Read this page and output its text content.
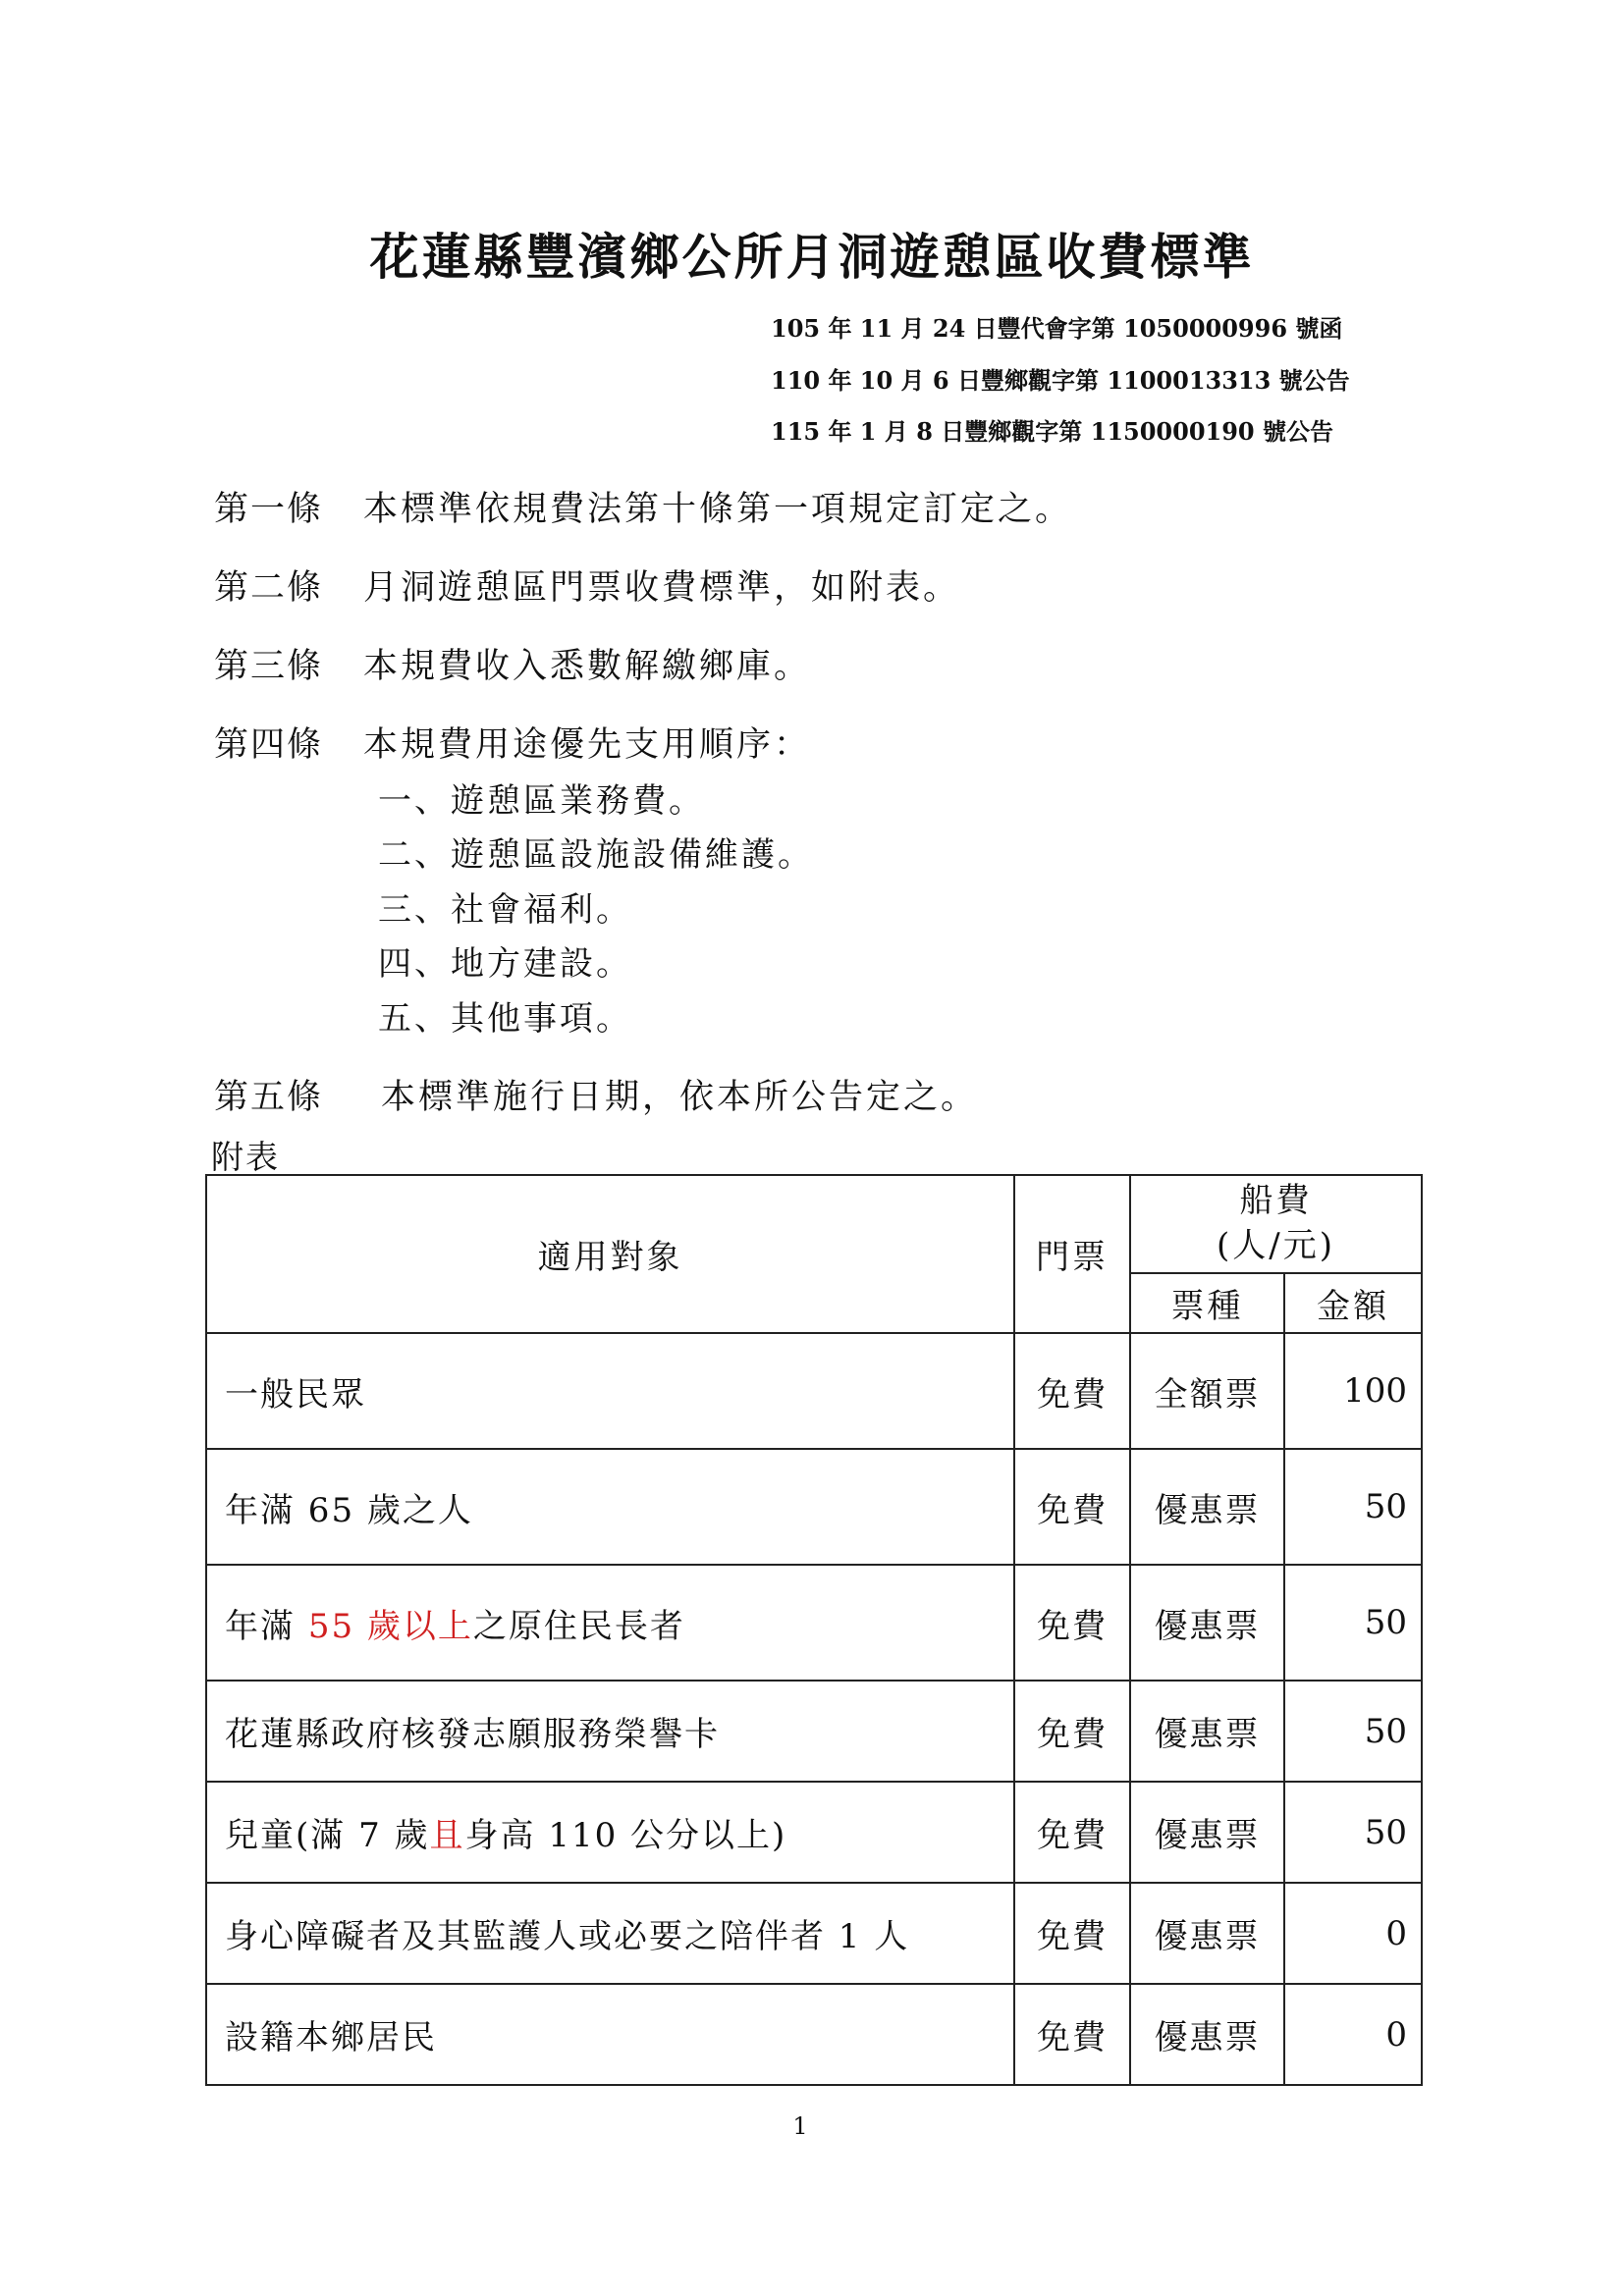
花蓮縣豐濱鄉公所月洞遊憩區收費標準
105 年 11 月 24 日豐代會字第 1050000996 號函
110 年 10 月 6 日豐鄉觀字第 1100013313 號公告
115 年 1 月 8 日豐鄉觀字第 1150000190 號公告
第一條 本標準依規費法第十條第一項規定訂定之。
第二條 月洞遊憩區門票收費標準，如附表。
第三條 本規費收入悉數解繳鄉庫。
第四條 本規費用途優先支用順序：
一、遊憩區業務費。
二、遊憩區設施設備維護。
三、社會福利。
四、地方建設。
五、其他事項。
第五條 本標準施行日期，依本所公告定之。
附表
適用對象	門票	船費
(人/元)	

		票種	金額
一般民眾	免費	全額票	100
年滿 65 歲之人	免費	優惠票	50
年滿 55 歲以上之原住民長者	免費	優惠票	50
花蓮縣政府核發志願服務榮譽卡	免費	優惠票	50
兒童(滿 7 歲且身高 110 公分以上)	免費	優惠票	50
身心障礙者及其監護人或必要之陪伴者 1 人	免費	優惠票	0
設籍本鄉居民	免費	優惠票	0
1
